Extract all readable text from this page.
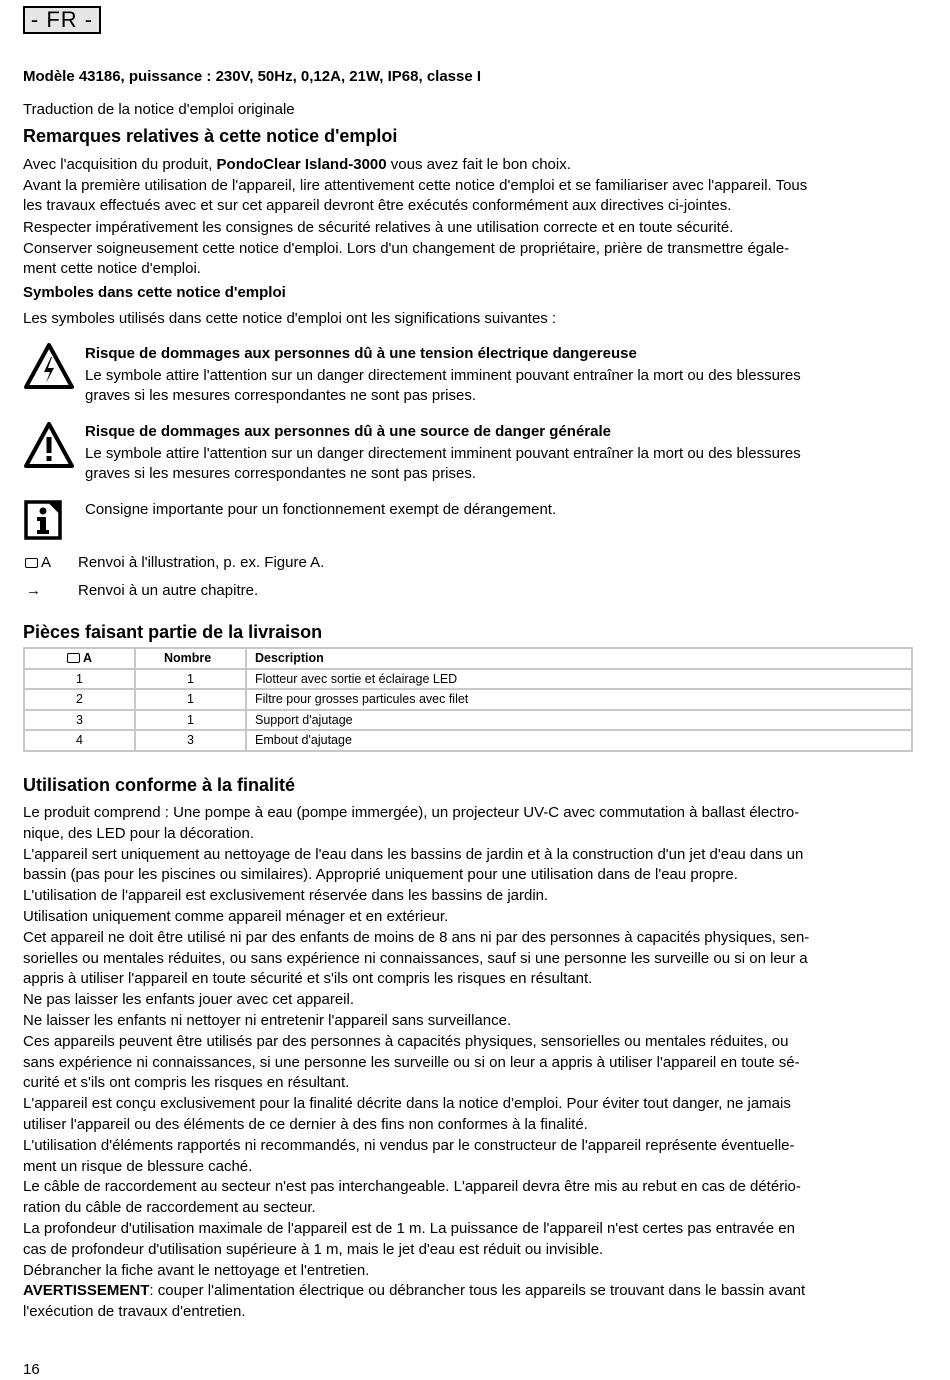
- FR -
Modèle 43186, puissance : 230V, 50Hz, 0,12A, 21W, IP68, classe I
Traduction de la notice d'emploi originale
Remarques relatives à cette notice d'emploi
Avec l'acquisition du produit, PondoClear Island-3000 vous avez fait le bon choix.
Avant la première utilisation de l'appareil, lire attentivement cette notice d'emploi et se familiariser avec l'appareil. Tous
les travaux effectués avec et sur cet appareil devront être exécutés conformément aux directives ci-jointes.
Respecter impérativement les consignes de sécurité relatives à une utilisation correcte et en toute sécurité.
Conserver soigneusement cette notice d'emploi. Lors d'un changement de propriétaire, prière de transmettre égale-
ment cette notice d'emploi.
Symboles dans cette notice d'emploi
Les symboles utilisés dans cette notice d'emploi ont les significations suivantes :
Risque de dommages aux personnes dû à une tension électrique dangereuse
Le symbole attire l'attention sur un danger directement imminent pouvant entraîner la mort ou des blessures
graves si les mesures correspondantes ne sont pas prises.
Risque de dommages aux personnes dû à une source de danger générale
Le symbole attire l'attention sur un danger directement imminent pouvant entraîner la mort ou des blessures
graves si les mesures correspondantes ne sont pas prises.
Consigne importante pour un fonctionnement exempt de dérangement.
A Renvoi à l'illustration, p. ex. Figure A.
→ Renvoi à un autre chapitre.
Pièces faisant partie de la livraison
A	Nombre	Description
1	1	Flotteur avec sortie et éclairage LED
2	1	Filtre pour grosses particules avec filet
3	1	Support d'ajutage
4	3	Embout d'ajutage
Utilisation conforme à la finalité
Le produit comprend : Une pompe à eau (pompe immergée), un projecteur UV-C avec commutation à ballast électro-
nique, des LED pour la décoration.
L'appareil sert uniquement au nettoyage de l'eau dans les bassins de jardin et à la construction d'un jet d'eau dans un
bassin (pas pour les piscines ou similaires). Approprié uniquement pour une utilisation dans de l'eau propre.
L'utilisation de l'appareil est exclusivement réservée dans les bassins de jardin.
Utilisation uniquement comme appareil ménager et en extérieur.
Cet appareil ne doit être utilisé ni par des enfants de moins de 8 ans ni par des personnes à capacités physiques, sen-
sorielles ou mentales réduites, ou sans expérience ni connaissances, sauf si une personne les surveille ou si on leur a
appris à utiliser l'appareil en toute sécurité et s'ils ont compris les risques en résultant.
Ne pas laisser les enfants jouer avec cet appareil.
Ne laisser les enfants ni nettoyer ni entretenir l'appareil sans surveillance.
Ces appareils peuvent être utilisés par des personnes à capacités physiques, sensorielles ou mentales réduites, ou
sans expérience ni connaissances, si une personne les surveille ou si on leur a appris à utiliser l'appareil en toute sé-
curité et s'ils ont compris les risques en résultant.
L'appareil est conçu exclusivement pour la finalité décrite dans la notice d'emploi. Pour éviter tout danger, ne jamais
utiliser l'appareil ou des éléments de ce dernier à des fins non conformes à la finalité.
L'utilisation d'éléments rapportés ni recommandés, ni vendus par le constructeur de l'appareil représente éventuelle-
ment un risque de blessure caché.
Le câble de raccordement au secteur n'est pas interchangeable. L'appareil devra être mis au rebut en cas de détério-
ration du câble de raccordement au secteur.
La profondeur d'utilisation maximale de l'appareil est de 1 m. La puissance de l'appareil n'est certes pas entravée en
cas de profondeur d'utilisation supérieure à 1 m, mais le jet d'eau est réduit ou invisible.
Débrancher la fiche avant le nettoyage et l'entretien.
AVERTISSEMENT: couper l'alimentation électrique ou débrancher tous les appareils se trouvant dans le bassin avant
l'exécution de travaux d'entretien.
16
